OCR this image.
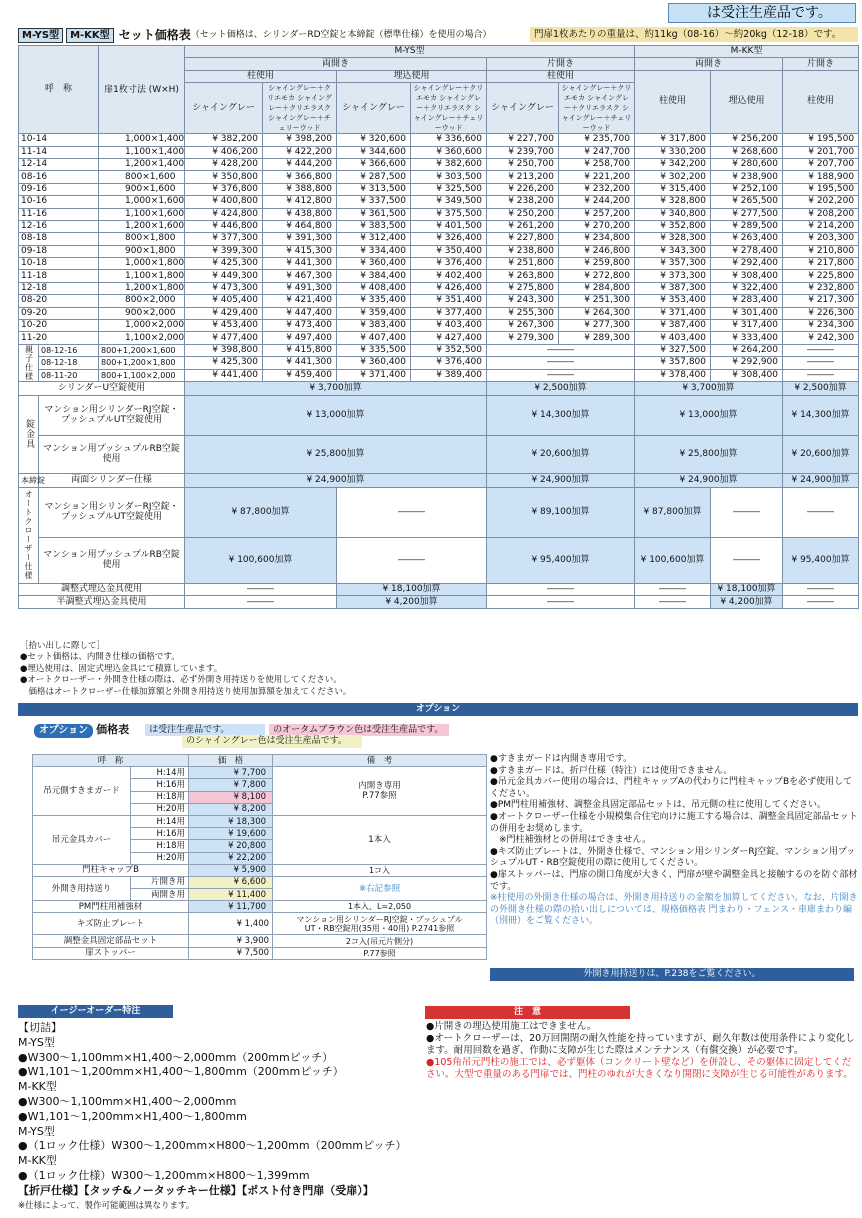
は受注生産品です。
M-YS型 M-KK型 セット価格表（セット価格は、シリンダーRD空錠と本締錠（標準仕様）を使用の場合）	門扉1枚あたりの重量は、約11kg（08-16）～約20kg（12-18）です。
呼　称		扉1枚寸法 (W×H)	M-YS型						M-KK型		
			両開き				片開き		両開き		片開き
			柱使用		埋込使用		柱使用		柱使用	埋込使用	柱使用
			シャイングレー	シャイングレー＋クリエモカ シャイングレー＋クリエラスク シャイングレー＋チェリーウッド	シャイングレー	シャイングレー＋クリエモカ シャイングレー＋クリエラスク シャイングレー＋チェリーウッド	シャイングレー	シャイングレー＋クリエモカ シャイングレー＋クリエラスク シャイングレー＋チェリーウッド			
10-14		1,000×1,400	¥ 382,200	¥ 398,200	¥ 320,600	¥ 336,600	¥ 227,700	¥ 235,700	¥ 317,800	¥ 256,200	¥ 195,500
11-14		1,100×1,400	¥ 406,200	¥ 422,200	¥ 344,600	¥ 360,600	¥ 239,700	¥ 247,700	¥ 330,200	¥ 268,600	¥ 201,700
12-14		1,200×1,400	¥ 428,200	¥ 444,200	¥ 366,600	¥ 382,600	¥ 250,700	¥ 258,700	¥ 342,200	¥ 280,600	¥ 207,700
08-16		800×1,600	¥ 350,800	¥ 366,800	¥ 287,500	¥ 303,500	¥ 213,200	¥ 221,200	¥ 302,200	¥ 238,900	¥ 188,900
09-16		900×1,600	¥ 376,800	¥ 388,800	¥ 313,500	¥ 325,500	¥ 226,200	¥ 232,200	¥ 315,400	¥ 252,100	¥ 195,500
10-16		1,000×1,600	¥ 400,800	¥ 412,800	¥ 337,500	¥ 349,500	¥ 238,200	¥ 244,200	¥ 328,800	¥ 265,500	¥ 202,200
11-16		1,100×1,600	¥ 424,800	¥ 438,800	¥ 361,500	¥ 375,500	¥ 250,200	¥ 257,200	¥ 340,800	¥ 277,500	¥ 208,200
12-16		1,200×1,600	¥ 446,800	¥ 464,800	¥ 383,500	¥ 401,500	¥ 261,200	¥ 270,200	¥ 352,800	¥ 289,500	¥ 214,200
08-18		800×1,800	¥ 377,300	¥ 391,300	¥ 312,400	¥ 326,400	¥ 227,800	¥ 234,800	¥ 328,300	¥ 263,400	¥ 203,300
09-18		900×1,800	¥ 399,300	¥ 415,300	¥ 334,400	¥ 350,400	¥ 238,800	¥ 246,800	¥ 343,300	¥ 278,400	¥ 210,800
10-18		1,000×1,800	¥ 425,300	¥ 441,300	¥ 360,400	¥ 376,400	¥ 251,800	¥ 259,800	¥ 357,300	¥ 292,400	¥ 217,800
11-18		1,100×1,800	¥ 449,300	¥ 467,300	¥ 384,400	¥ 402,400	¥ 263,800	¥ 272,800	¥ 373,300	¥ 308,400	¥ 225,800
12-18		1,200×1,800	¥ 473,300	¥ 491,300	¥ 408,400	¥ 426,400	¥ 275,800	¥ 284,800	¥ 387,300	¥ 322,400	¥ 232,800
08-20		800×2,000	¥ 405,400	¥ 421,400	¥ 335,400	¥ 351,400	¥ 243,300	¥ 251,300	¥ 353,400	¥ 283,400	¥ 217,300
09-20		900×2,000	¥ 429,400	¥ 447,400	¥ 359,400	¥ 377,400	¥ 255,300	¥ 264,300	¥ 371,400	¥ 301,400	¥ 226,300
10-20		1,000×2,000	¥ 453,400	¥ 473,400	¥ 383,400	¥ 403,400	¥ 267,300	¥ 277,300	¥ 387,400	¥ 317,400	¥ 234,300
11-20		1,100×2,000	¥ 477,400	¥ 497,400	¥ 407,400	¥ 427,400	¥ 279,300	¥ 289,300	¥ 403,400	¥ 333,400	¥ 242,300
親子仕様	08-12-16	800+1,200×1,600	¥ 398,800	¥ 415,800	¥ 335,500	¥ 352,500	―――		¥ 327,500	¥ 264,200	―――
	08-12-18	800+1,200×1,800	¥ 425,300	¥ 441,300	¥ 360,400	¥ 376,400	―――		¥ 357,800	¥ 292,900	―――
	08-11-20	800+1,100×2,000	¥ 441,400	¥ 459,400	¥ 371,400	¥ 389,400	―――		¥ 378,400	¥ 308,400	―――
シリンダーU空錠使用			¥ 3,700加算				¥ 2,500加算		¥ 3,700加算		¥ 2,500加算
錠金具	マンション用シリンダーRJ空錠・プッシュプルUT空錠使用		¥ 13,000加算				¥ 14,300加算		¥ 13,000加算		¥ 14,300加算
	マンション用プッシュプルRB空錠使用		¥ 25,800加算				¥ 20,600加算		¥ 25,800加算		¥ 20,600加算
本締錠	両面シリンダー仕様		¥ 24,900加算				¥ 24,900加算		¥ 24,900加算		¥ 24,900加算
オートクローザー仕様	マンション用シリンダーRJ空錠・プッシュプルUT空錠使用		¥ 87,800加算		―――		¥ 89,100加算		¥ 87,800加算	―――	―――
	マンション用プッシュプルRB空錠使用		¥ 100,600加算		―――		¥ 95,400加算		¥ 100,600加算	―――	¥ 95,400加算
調整式埋込金具使用			―――		¥ 18,100加算		―――		―――	¥ 18,100加算	―――
半調整式埋込金具使用			―――		¥ 4,200加算		―――		―――	¥ 4,200加算	―――
［拾い出しに際して］
●セット価格は、内開き仕様の価格です。
●埋込使用は、固定式埋込金具にて積算しています。
●オートクローザー・外開き仕様の際は、必ず外開き用持送りを使用してください。
　価格はオートクローザー仕様加算額と外開き用持送り使用加算額を加えてください。
オプション
オプション 価格表 は受注生産品です。	のオータムブラウン色は受注生産品です。
のシャイングレー色は受注生産品です。
呼　称		価　格	備　考
吊元側すきまガード	H:14用	¥ 7,700	内開き専用
P.77参照
	H:16用	¥ 7,800	
	H:18用	¥ 8,100	
	H:20用	¥ 8,200	
吊元金具カバー	H:14用	¥ 18,300	1本入
	H:16用	¥ 19,600	
	H:18用	¥ 20,800	
	H:20用	¥ 22,200	
門柱キャップB		¥ 5,900	1コ入
外開き用持送り	片開き用	¥ 6,600	※右記参照
	両開き用	¥ 11,400	
PM門柱用補強材		¥ 11,700	1本入、L=2,050
キズ防止プレート		¥ 1,400	マンション用シリンダーRJ空錠・プッシュプル
UT・RB空錠用(35用・40用) P.2741参照
調整金具固定部品セット		¥ 3,900	2コ入(吊元片側分)
扉ストッパー		¥ 7,500	P.77参照
●すきまガードは内開き専用です。
●すきまガードは、折戸仕様（特注）には使用できません。
●吊元金具カバー使用の場合は、門柱キャップAの代わりに門柱キャップBを必ず使用してください。
●PM門柱用補強材、調整金具固定部品セットは、吊元側の柱に使用してください。
●オートクローザー仕様を小規模集合住宅向けに施工する場合は、調整金具固定部品セットの併用をお奨めします。
　※門柱補強材との併用はできません。
●キズ防止プレートは、外開き仕様で、マンション用シリンダーRJ空錠、マンション用プッシュプルUT・RB空錠使用の際に使用してください。
●扉ストッパーは、門扉の開口角度が大きく、門扉が壁や調整金具と接触するのを防ぐ部材です。
※柱使用の外開き仕様の場合は、外開き用持送りの金額を加算してください。なお、片開きの外開き仕様の際の拾い出しについては、規格価格表 門まわり・フェンス・車庫まわり編（別冊）をご覧ください。
外開き用持送りは、P.238をご覧ください。
イージーオーダー特注
【切詰】
M-YS型
●W300～1,100mm×H1,400～2,000mm（200mmピッチ）
●W1,101～1,200mm×H1,400～1,800mm（200mmピッチ）
M-KK型
●W300～1,100mm×H1,400～2,000mm
●W1,101～1,200mm×H1,400～1,800mm
M-YS型
●（1ロック仕様）W300～1,200mm×H800～1,200mm（200mmピッチ）
M-KK型
●（1ロック仕様）W300～1,200mm×H800～1,399mm
【折戸仕様】【タッチ&ノータッチキー仕様】【ポスト付き門扉（受扉）】
※仕様によって、製作可能範囲は異なります。
注　意
●片開きの埋込使用施工はできません。
●オートクローザーは、20万回開閉の耐久性能を持っていますが、耐久年数は使用条件により変化します。耐用回数を過ぎ、作動に支障が生じた際はメンテナンス（有償交換）が必要です。
●105角吊元門柱の施工では、必ず躯体（コンクリート壁など）を併設し、その躯体に固定してください。大型で重量のある門扉では、門柱のゆれが大きくなり開閉に支障が生じる可能性があります。
